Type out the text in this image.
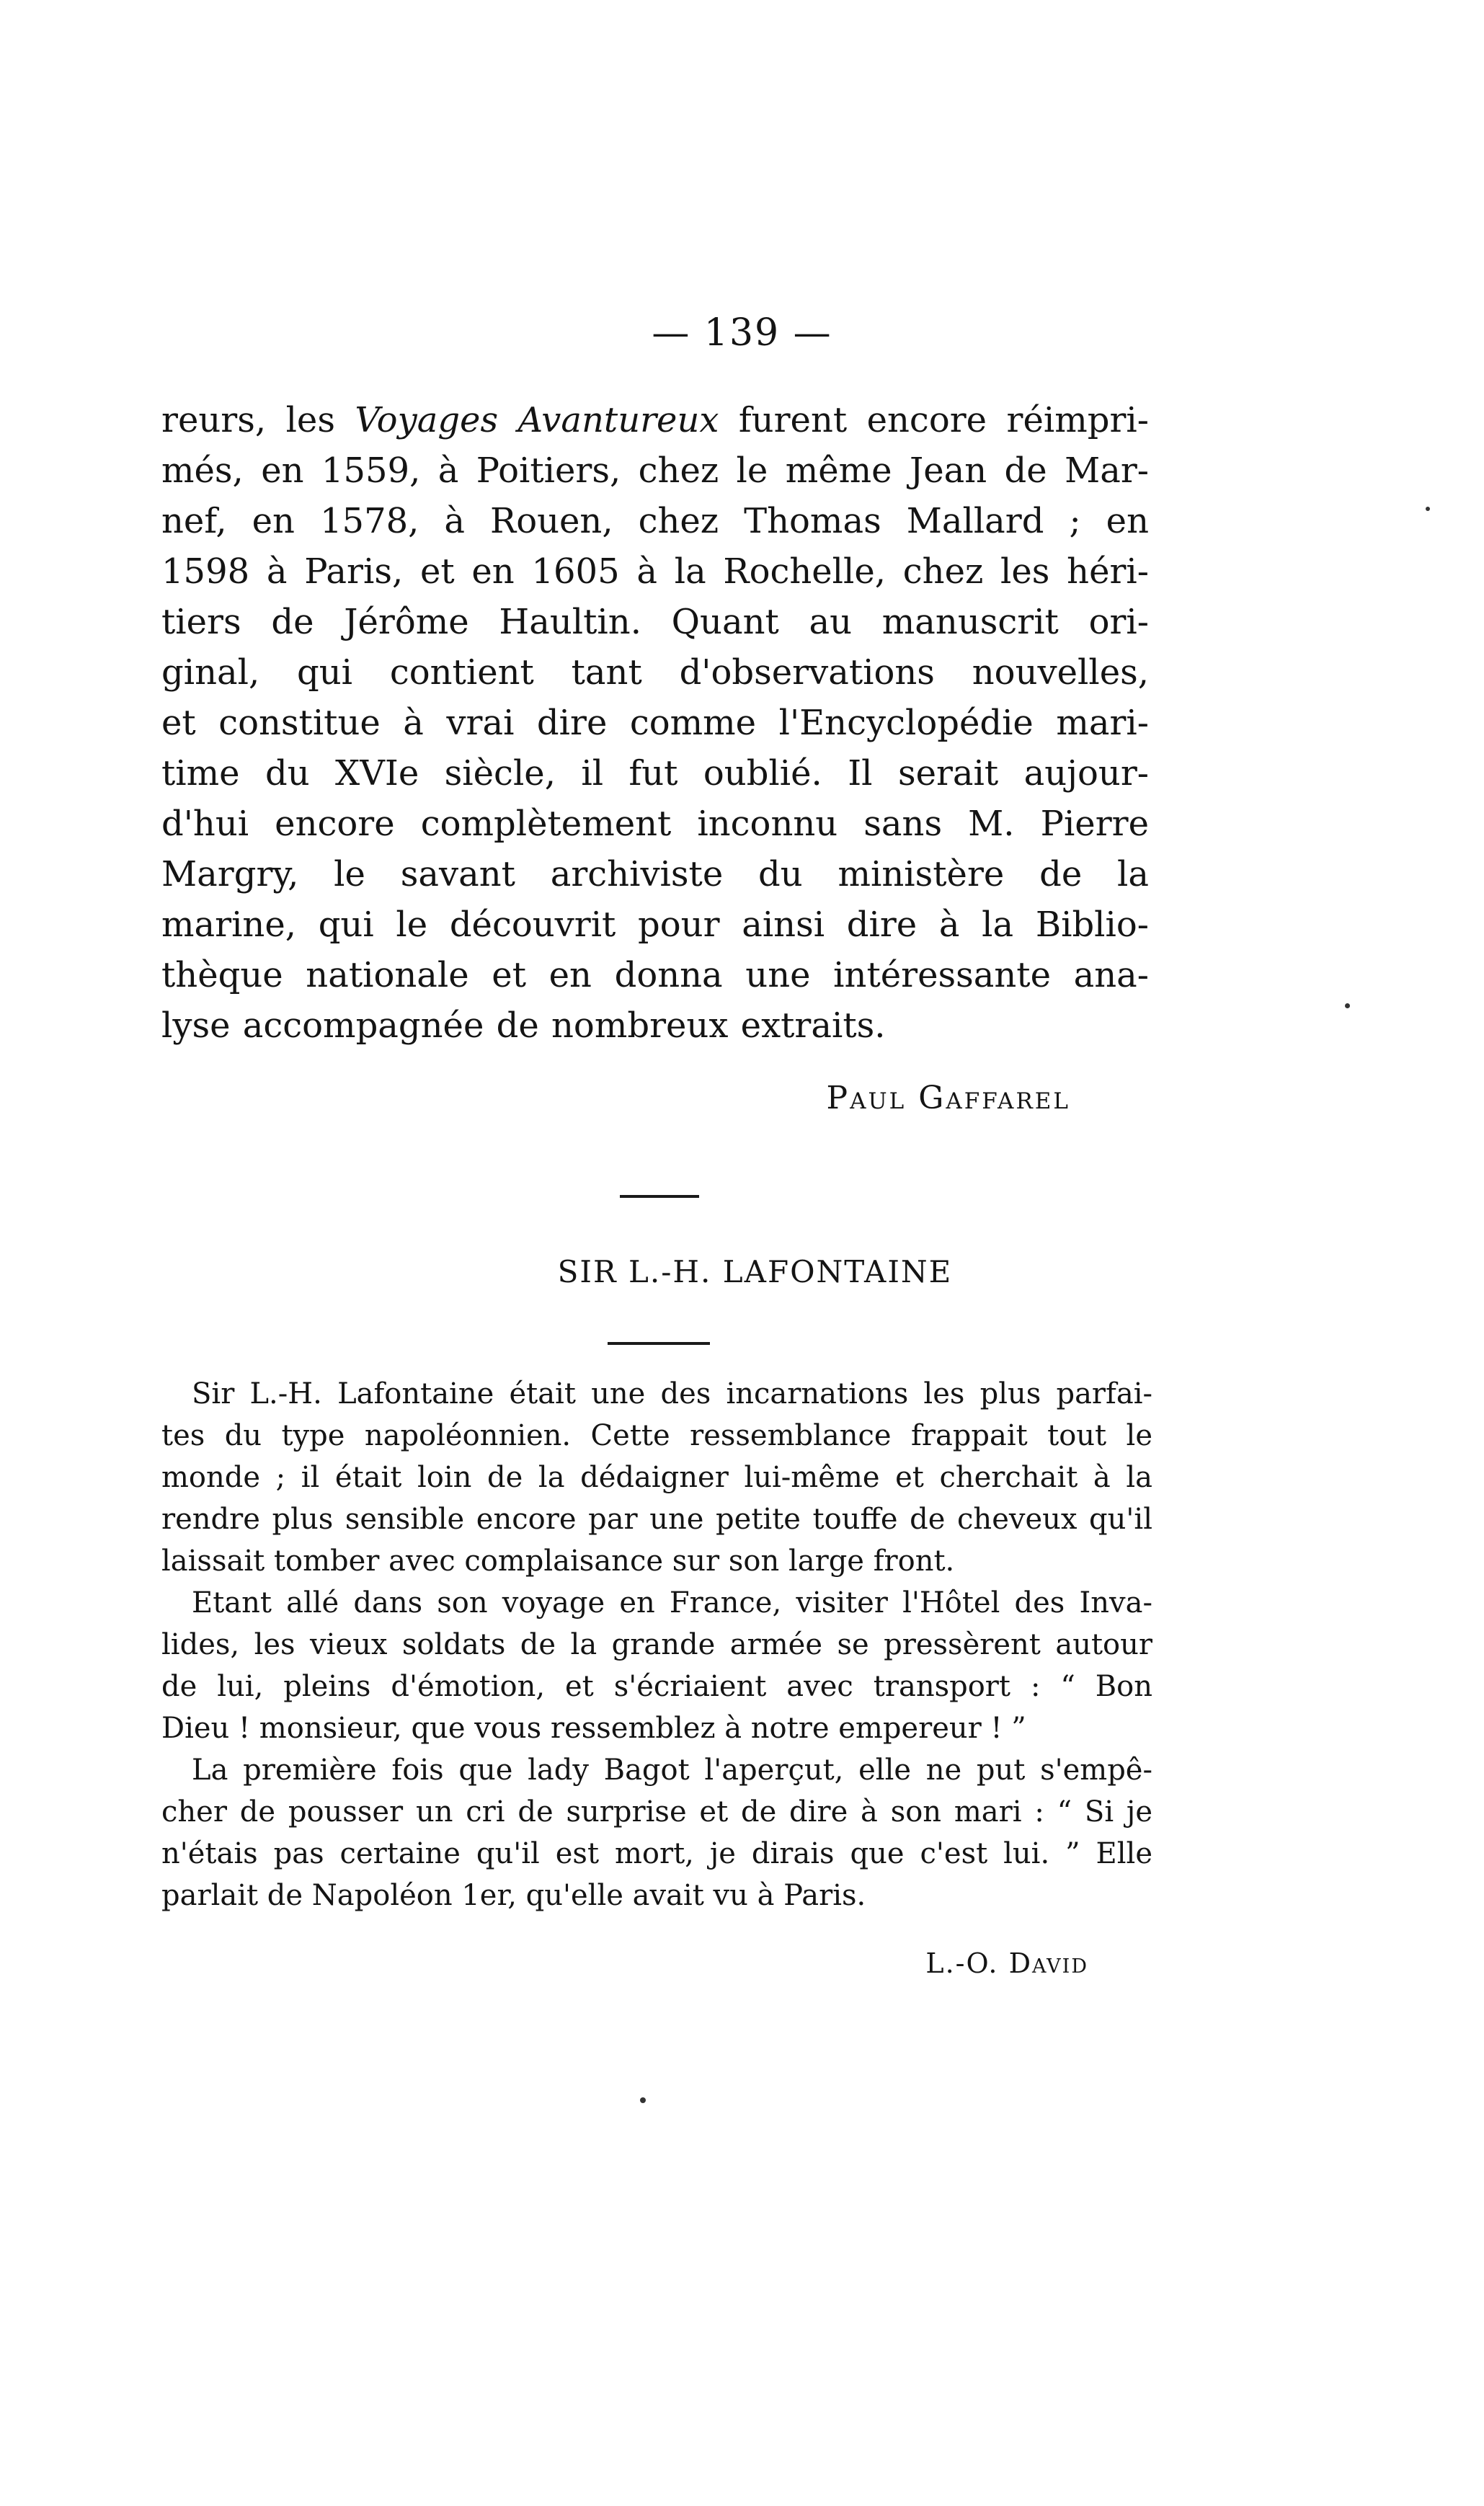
— 139 —
reurs, les Voyages Avantureux furent encore réimpri-
més, en 1559, à Poitiers, chez le même Jean de Mar-
nef, en 1578, à Rouen, chez Thomas Mallard ; en
1598 à Paris, et en 1605 à la Rochelle, chez les héri-
tiers de Jérôme Haultin. Quant au manuscrit ori-
ginal, qui contient tant d'observations nouvelles,
et constitue à vrai dire comme l'Encyclopédie mari-
time du XVIe siècle, il fut oublié. Il serait aujour-
d'hui encore complètement inconnu sans M. Pierre
Margry, le savant archiviste du ministère de la
marine, qui le découvrit pour ainsi dire à la Biblio-
thèque nationale et en donna une intéressante ana-
lyse accompagnée de nombreux extraits.
Paul Gaffarel
SIR L.-H. LAFONTAINE
Sir L.-H. Lafontaine était une des incarnations les plus parfai-
tes du type napoléonnien. Cette ressemblance frappait tout le
monde ; il était loin de la dédaigner lui-même et cherchait à la
rendre plus sensible encore par une petite touffe de cheveux qu'il
laissait tomber avec complaisance sur son large front.
Etant allé dans son voyage en France, visiter l'Hôtel des Inva-
lides, les vieux soldats de la grande armée se pressèrent autour
de lui, pleins d'émotion, et s'écriaient avec transport : “ Bon
Dieu ! monsieur, que vous ressemblez à notre empereur ! ”
La première fois que lady Bagot l'aperçut, elle ne put s'empê-
cher de pousser un cri de surprise et de dire à son mari : “ Si je
n'étais pas certaine qu'il est mort, je dirais que c'est lui. ” Elle
parlait de Napoléon 1er, qu'elle avait vu à Paris.
L.-O. David
